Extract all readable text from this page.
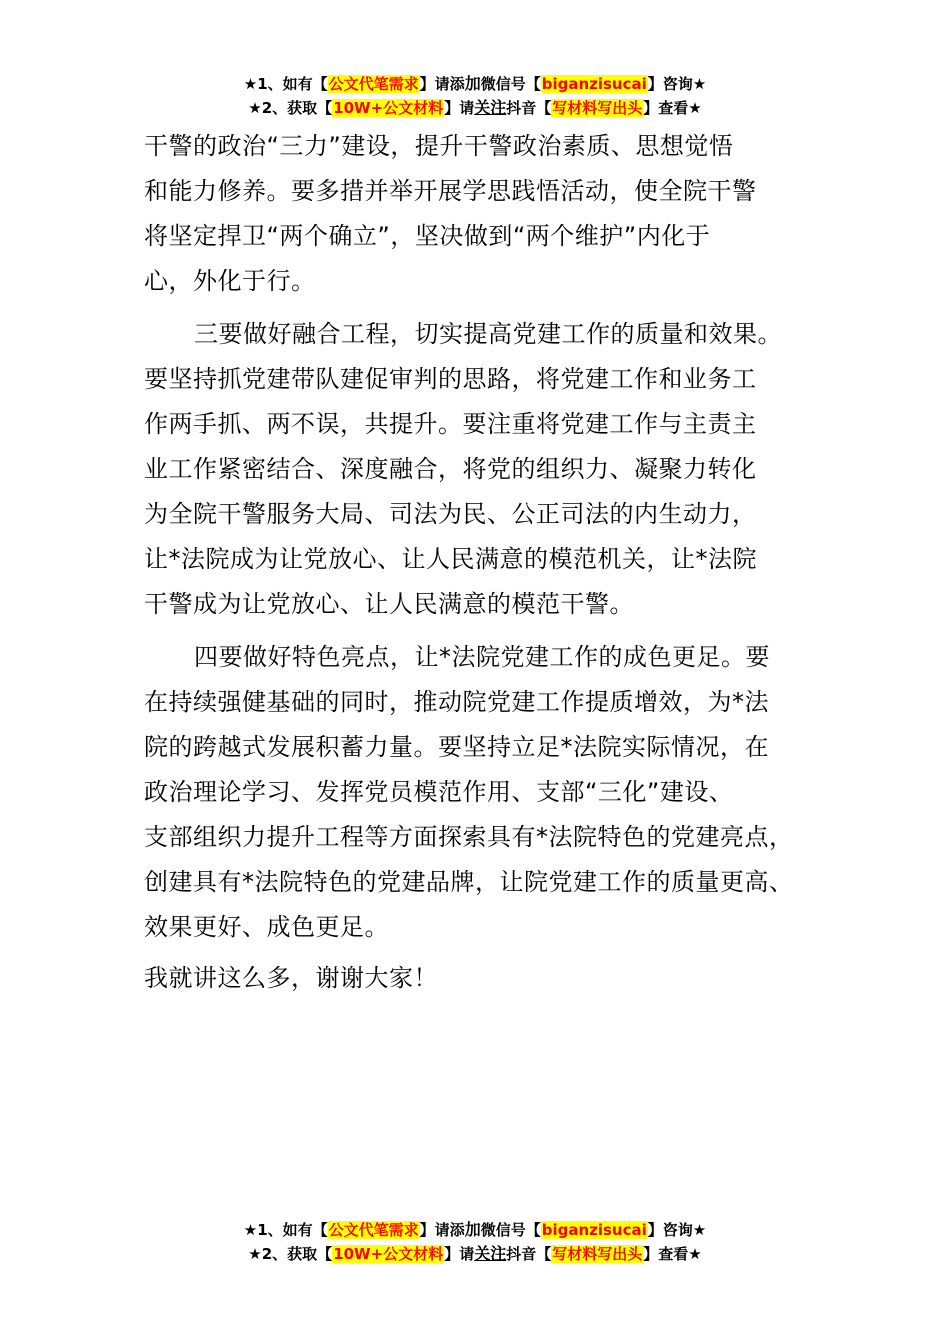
★1、如有【公文代笔需求】请添加微信号【biganzisucai】咨询★
★2、获取【10W+公文材料】请关注抖音【写材料写出头】查看★

干警的政治“三力”建设，提升干警政治素质、思想觉悟
和能力修养。要多措并举开展学思践悟活动，使全院干警
将坚定捍卫“两个确立”，坚决做到“两个维护”内化于
心，外化于行。

三要做好融合工程，切实提高党建工作的质量和效果。
要坚持抓党建带队建促审判的思路，将党建工作和业务工
作两手抓、两不误，共提升。要注重将党建工作与主责主
业工作紧密结合、深度融合，将党的组织力、凝聚力转化
为全院干警服务大局、司法为民、公正司法的内生动力，
让*法院成为让党放心、让人民满意的模范机关，让*法院
干警成为让党放心、让人民满意的模范干警。

四要做好特色亮点，让*法院党建工作的成色更足。要
在持续强健基础的同时，推动院党建工作提质增效，为*法
院的跨越式发展积蓄力量。要坚持立足*法院实际情况，在
政治理论学习、发挥党员模范作用、支部“三化”建设、
支部组织力提升工程等方面探索具有*法院特色的党建亮点，
创建具有*法院特色的党建品牌，让院党建工作的质量更高、
效果更好、成色更足。

我就讲这么多，谢谢大家！

★1、如有【公文代笔需求】请添加微信号【biganzisucai】咨询★
★2、获取【10W+公文材料】请关注抖音【写材料写出头】查看★
